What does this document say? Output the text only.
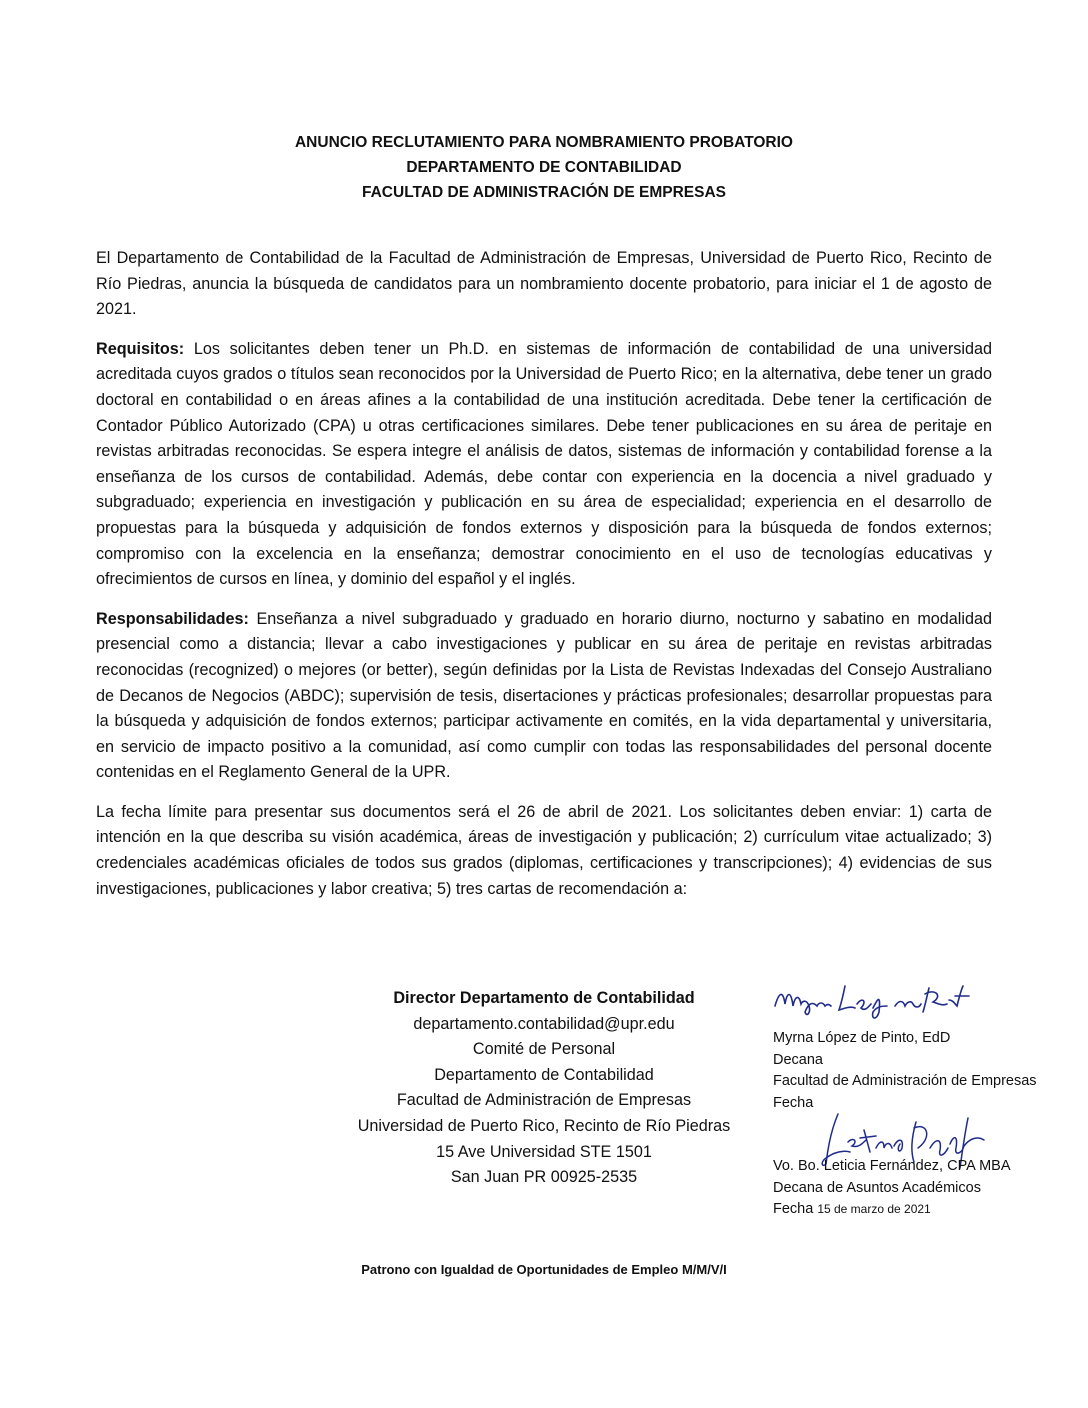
ANUNCIO RECLUTAMIENTO PARA NOMBRAMIENTO PROBATORIO
DEPARTAMENTO DE CONTABILIDAD
FACULTAD DE ADMINISTRACIÓN DE EMPRESAS

El Departamento de Contabilidad de la Facultad de Administración de Empresas, Universidad de Puerto Rico, Recinto de Río Piedras, anuncia la búsqueda de candidatos para un nombramiento docente probatorio, para iniciar el 1 de agosto de 2021.

Requisitos: Los solicitantes deben tener un Ph.D. en sistemas de información de contabilidad de una universidad acreditada cuyos grados o títulos sean reconocidos por la Universidad de Puerto Rico; en la alternativa, debe tener un grado doctoral en contabilidad o en áreas afines a la contabilidad de una institución acreditada. Debe tener la certificación de Contador Público Autorizado (CPA) u otras certificaciones similares. Debe tener publicaciones en su área de peritaje en revistas arbitradas reconocidas. Se espera integre el análisis de datos, sistemas de información y contabilidad forense a la enseñanza de los cursos de contabilidad. Además, debe contar con experiencia en la docencia a nivel graduado y subgraduado; experiencia en investigación y publicación en su área de especialidad; experiencia en el desarrollo de propuestas para la búsqueda y adquisición de fondos externos y disposición para la búsqueda de fondos externos; compromiso con la excelencia en la enseñanza; demostrar conocimiento en el uso de tecnologías educativas y ofrecimientos de cursos en línea, y dominio del español y el inglés.

Responsabilidades: Enseñanza a nivel subgraduado y graduado en horario diurno, nocturno y sabatino en modalidad presencial como a distancia; llevar a cabo investigaciones y publicar en su área de peritaje en revistas arbitradas reconocidas (recognized) o mejores (or better), según definidas por la Lista de Revistas Indexadas del Consejo Australiano de Decanos de Negocios (ABDC); supervisión de tesis, disertaciones y prácticas profesionales; desarrollar propuestas para la búsqueda y adquisición de fondos externos; participar activamente en comités, en la vida departamental y universitaria, en servicio de impacto positivo a la comunidad, así como cumplir con todas las responsabilidades del personal docente contenidas en el Reglamento General de la UPR.

La fecha límite para presentar sus documentos será el 26 de abril de 2021. Los solicitantes deben enviar: 1) carta de intención en la que describa su visión académica, áreas de investigación y publicación; 2) currículum vitae actualizado; 3) credenciales académicas oficiales de todos sus grados (diplomas, certificaciones y transcripciones); 4) evidencias de sus investigaciones, publicaciones y labor creativa; 5) tres cartas de recomendación a:

Director Departamento de Contabilidad
departamento.contabilidad@upr.edu
Comité de Personal
Departamento de Contabilidad
Facultad de Administración de Empresas
Universidad de Puerto Rico, Recinto de Río Piedras
15 Ave Universidad STE 1501
San Juan PR 00925-2535
Myrna López de Pinto, EdD
Decana
Facultad de Administración de Empresas
Fecha
Vo. Bo. Leticia Fernández, CPA MBA
Decana de Asuntos Académicos
Fecha 15 de marzo de 2021
Patrono con Igualdad de Oportunidades de Empleo M/M/V/I
